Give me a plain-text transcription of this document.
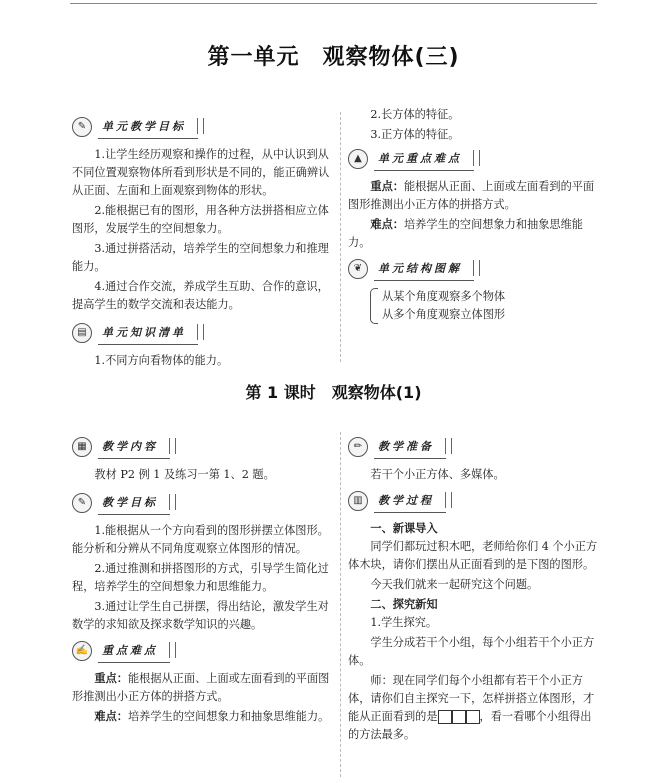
第一单元　观察物体(三)
✎	单元教学目标

1.让学生经历观察和操作的过程，从中认识到从不同位置观察物体所看到形状是不同的，能正确辨认从正面、左面和上面观察到物体的形状。

2.能根据已有的图形，用各种方法拼搭相应立体图形，发展学生的空间想象力。

3.通过拼搭活动，培养学生的空间想象力和推理能力。

4.通过合作交流，养成学生互助、合作的意识，提高学生的数学交流和表达能力。

▤	单元知识清单

1.不同方向看物体的能力。

2.长方体的特征。

3.正方体的特征。

▲	单元重点难点

重点：能根据从正面、上面或左面看到的平面图形推测出小正方体的拼搭方式。

难点：培养学生的空间想象力和抽象思维能力。

❦	单元结构图解

从某个角度观察多个物体

从多个角度观察立体图形

第 1 课时　观察物体(1)
▦	教学内容

教材 P2 例 1 及练习一第 1、2 题。

✎	教学目标

1.能根据从一个方向看到的图形拼摆立体图形。能分析和分辨从不同角度观察立体图形的情况。

2.通过推测和拼搭图形的方式，引导学生简化过程，培养学生的空间想象力和思维能力。

3.通过让学生自己拼摆，得出结论，激发学生对数学的求知欲及探求数学知识的兴趣。

✍	重点难点

重点：能根据从正面、上面或左面看到的平面图形推测出小正方体的拼搭方式。

难点：培养学生的空间想象力和抽象思维能力。

✏	教学准备

若干个小正方体、多媒体。

▥	教学过程

一、新课导入

同学们都玩过积木吧，老师给你们 4 个小正方体木块，请你们摆出从正面看到的是下图的图形。

今天我们就来一起研究这个问题。

二、探究新知

1.学生探究。

学生分成若干个小组，每个小组若干个小正方体。

师：现在同学们每个小组都有若干个小正方体，请你们自主探究一下，怎样拼搭立体图形，才能从正面看到的是	，看一看哪个小组得出的方法最多。
